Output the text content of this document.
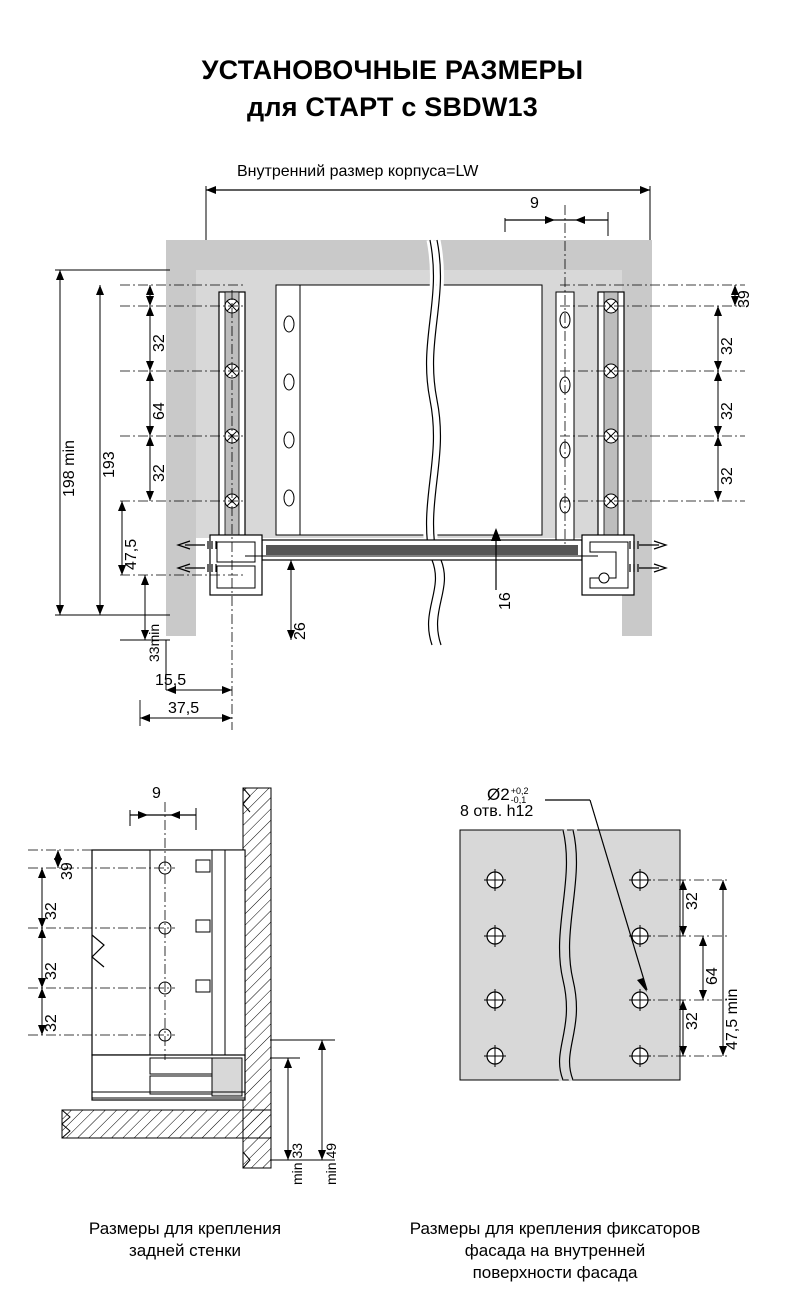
УСТАНОВОЧНЫЕ РАЗМЕРЫ
для СТАРТ с SBDW13
Внутренний размер корпуса=LW
9
39
32
32
32
32
64
32
47,5
193
198 min
33min	26
16
15,5
37,5
9
39
32
32
32
min 33 min 49
Размеры для крепления
задней стенки
Ø2 +0,2
-0,1
8 отв. h12
32
64
32 47,5 min
Размеры для крепления фиксаторов
фасада на внутренней
поверхности фасада
